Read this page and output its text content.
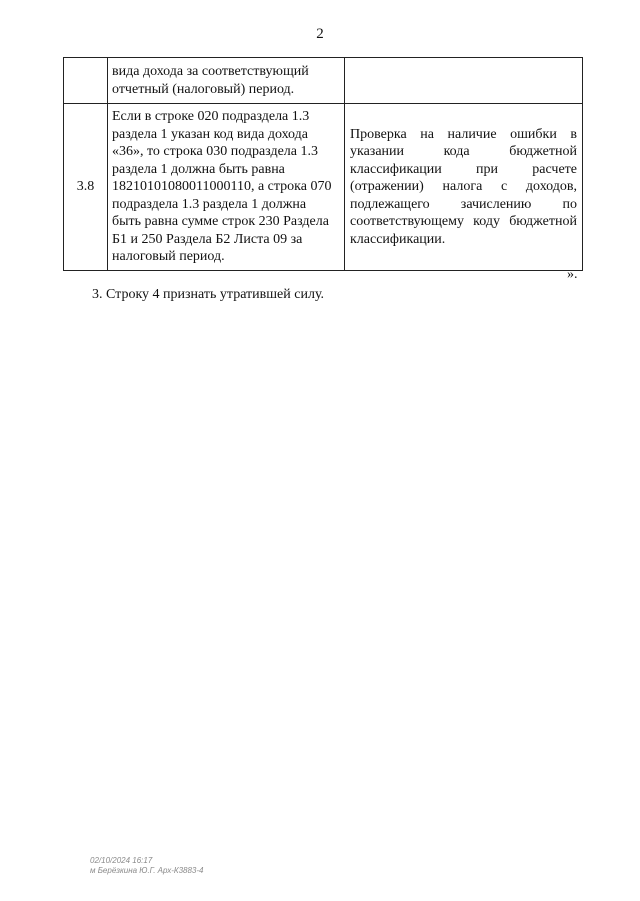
2
	вида дохода за соответствующий отчетный (налоговый) период.	
3.8	Если в строке 020 подраздела 1.3 раздела 1 указан код вида дохода «36», то строка 030 подраздела 1.3 раздела 1 должна быть равна 18210101080011000110, а строка 070 подраздела 1.3 раздела 1 должна быть равна сумме строк 230 Раздела Б1 и 250 Раздела Б2 Листа 09 за налоговый период.	Проверка на наличие ошибки в указании кода бюджетной классификации при расчете (отражении) налога с доходов, подлежащего зачислению по соответствующему коду бюджетной классификации.
».
3. Строку 4 признать утратившей силу.
02/10/2024 16:17
м Берёзкина Ю.Г. Арх-К3883-4
